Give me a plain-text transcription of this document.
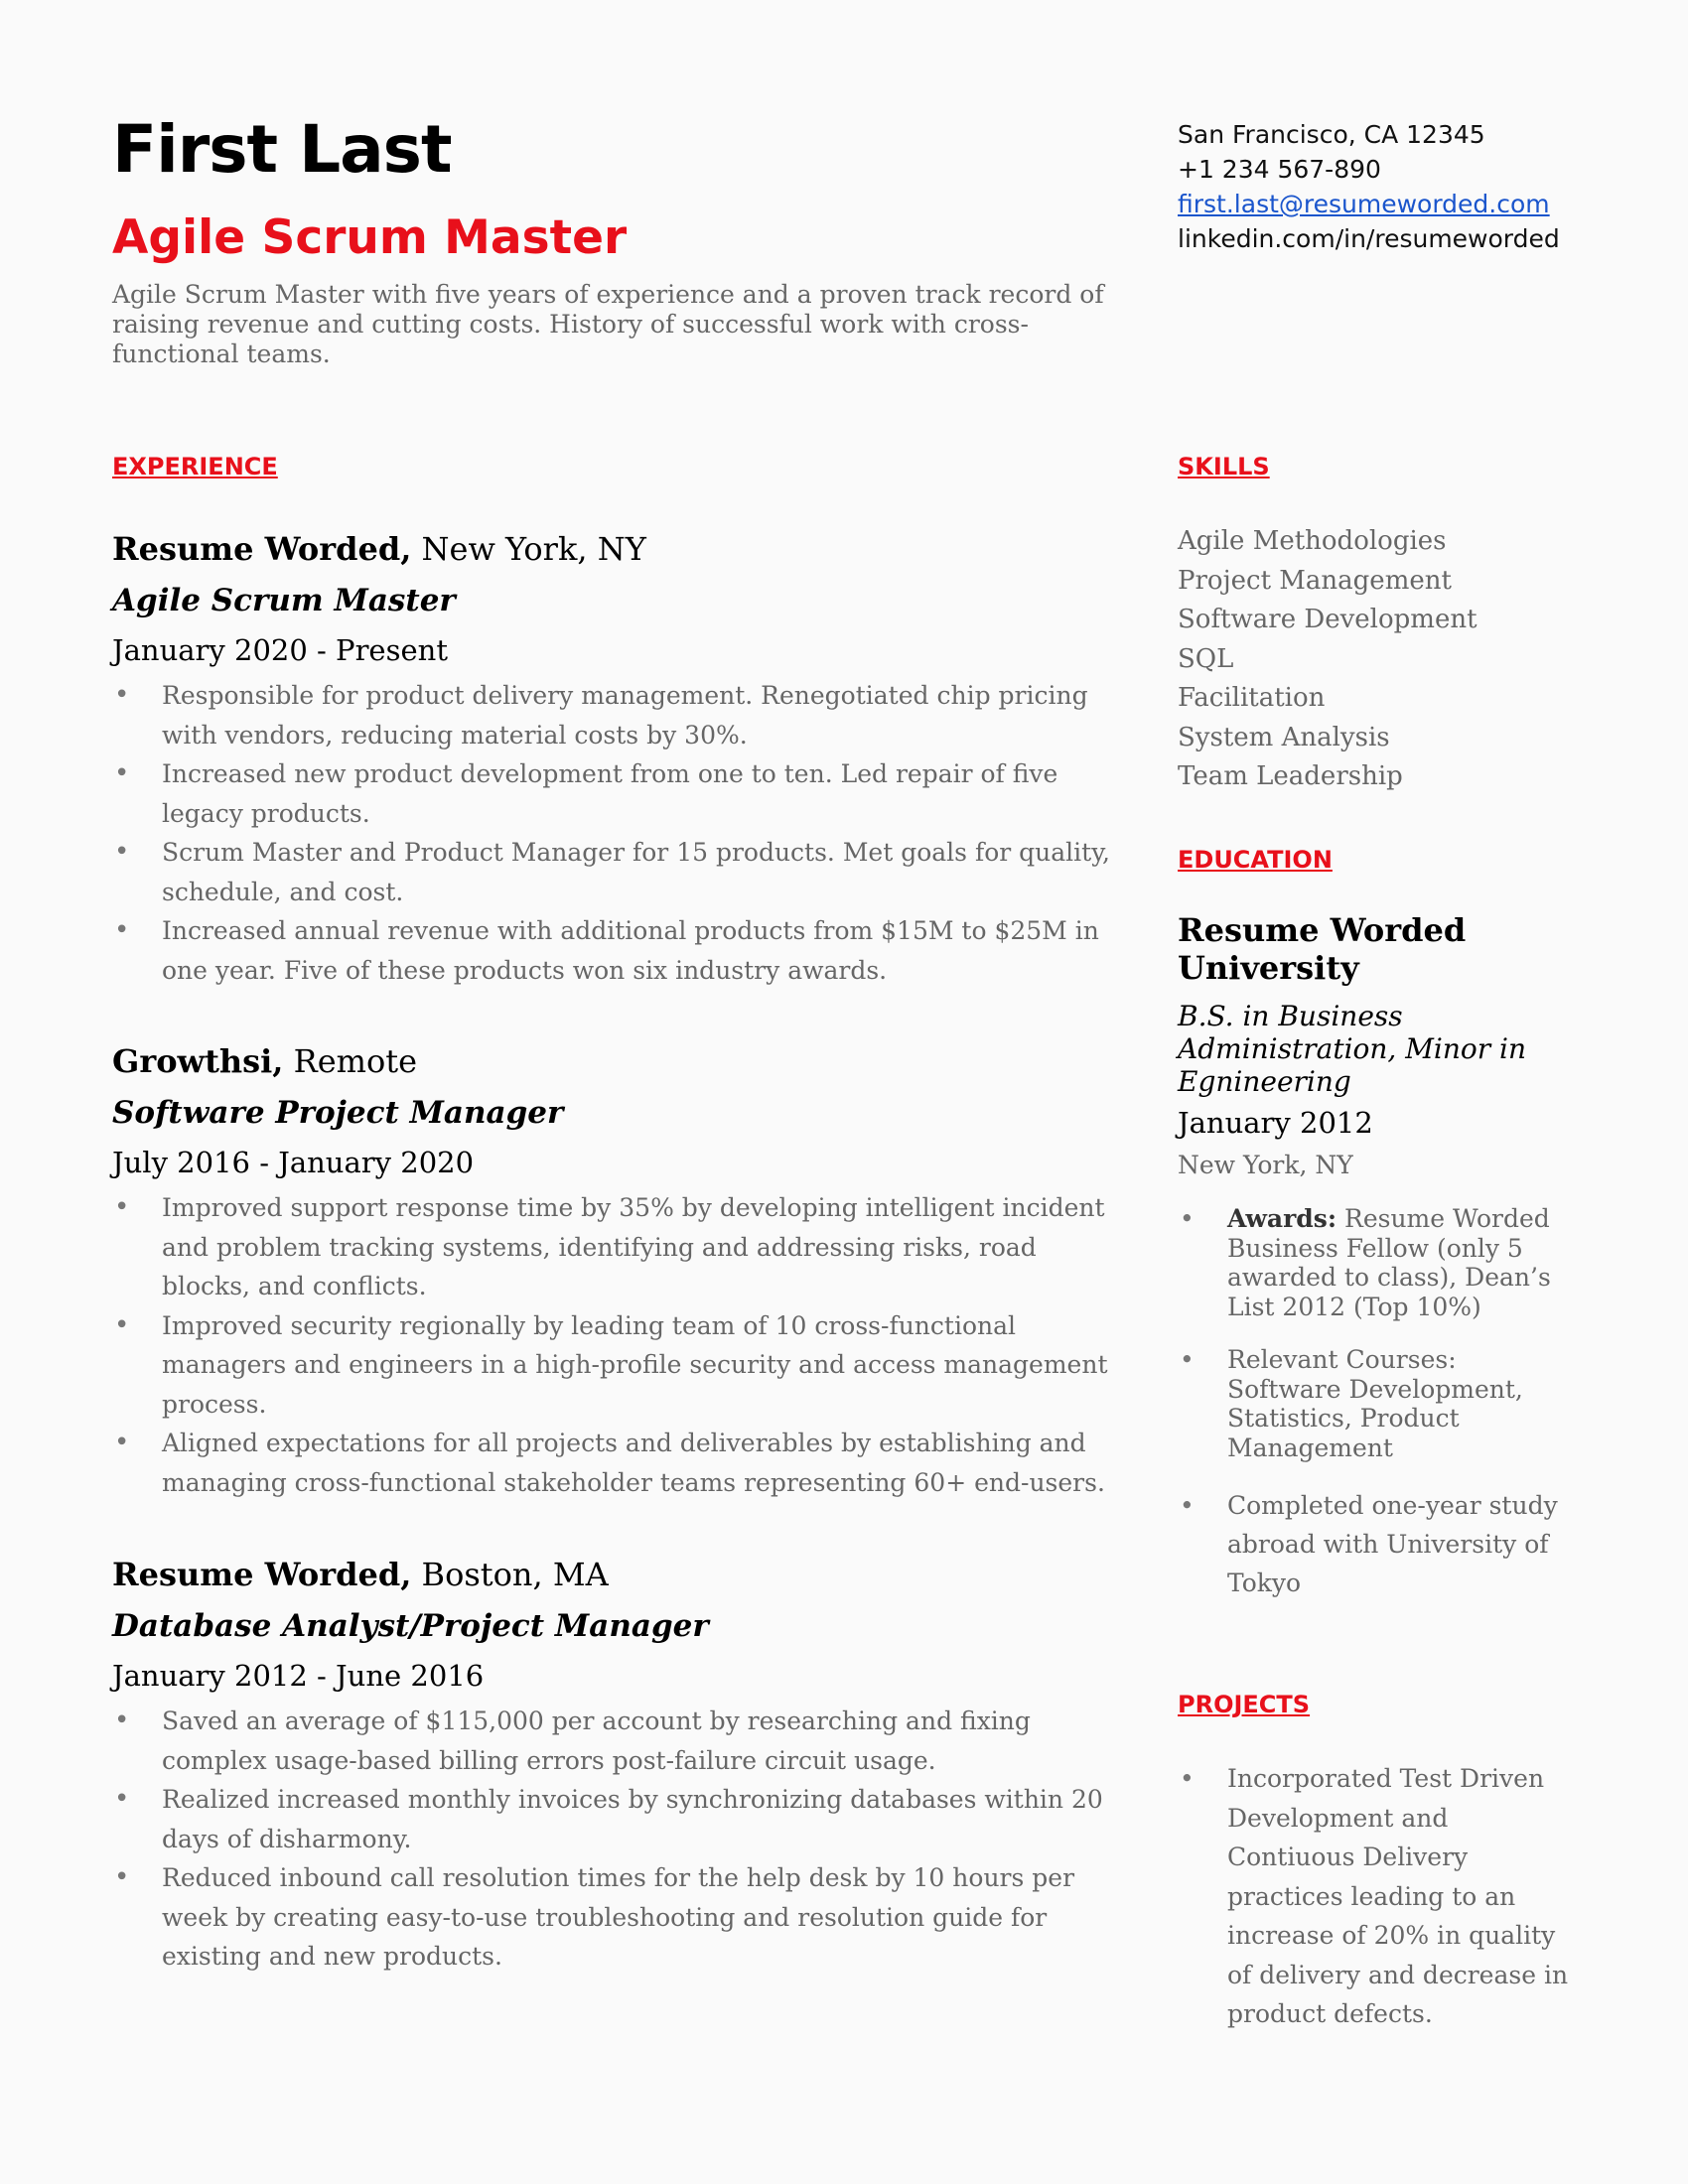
First Last
Agile Scrum Master

Agile Scrum Master with five years of experience and a proven track record of raising revenue and cutting costs. History of successful work with cross-functional teams.

San Francisco, CA 12345
+1 234 567-890
first.last@resumeworded.com
linkedin.com/in/resumeworded
EXPERIENCE
Resume Worded, New York, NY
Agile Scrum Master
January 2020 - Present
• Responsible for product delivery management. Renegotiated chip pricing with vendors, reducing material costs by 30%.
• Increased new product development from one to ten. Led repair of five legacy products.
• Scrum Master and Product Manager for 15 products. Met goals for quality, schedule, and cost.
• Increased annual revenue with additional products from $15M to $25M in one year. Five of these products won six industry awards.
Growthsi, Remote
Software Project Manager
July 2016 - January 2020
• Improved support response time by 35% by developing intelligent incident and problem tracking systems, identifying and addressing risks, road blocks, and conflicts.
• Improved security regionally by leading team of 10 cross-functional managers and engineers in a high-profile security and access management process.
• Aligned expectations for all projects and deliverables by establishing and managing cross-functional stakeholder teams representing 60+ end-users.
Resume Worded, Boston, MA
Database Analyst/Project Manager
January 2012 - June 2016
• Saved an average of $115,000 per account by researching and fixing complex usage-based billing errors post-failure circuit usage.
• Realized increased monthly invoices by synchronizing databases within 20 days of disharmony.
• Reduced inbound call resolution times for the help desk by 10 hours per week by creating easy-to-use troubleshooting and resolution guide for existing and new products.
SKILLS
Agile Methodologies
Project Management
Software Development
SQL
Facilitation
System Analysis
Team Leadership
EDUCATION
Resume Worded University
B.S. in Business Administration, Minor in Egnineering
January 2012
New York, NY
• Awards: Resume Worded Business Fellow (only 5 awarded to class), Dean’s List 2012 (Top 10%)
• Relevant Courses: Software Development, Statistics, Product Management
• Completed one-year study abroad with University of Tokyo
PROJECTS
• Incorporated Test Driven Development and Contiuous Delivery practices leading to an increase of 20% in quality of delivery and decrease in product defects.
